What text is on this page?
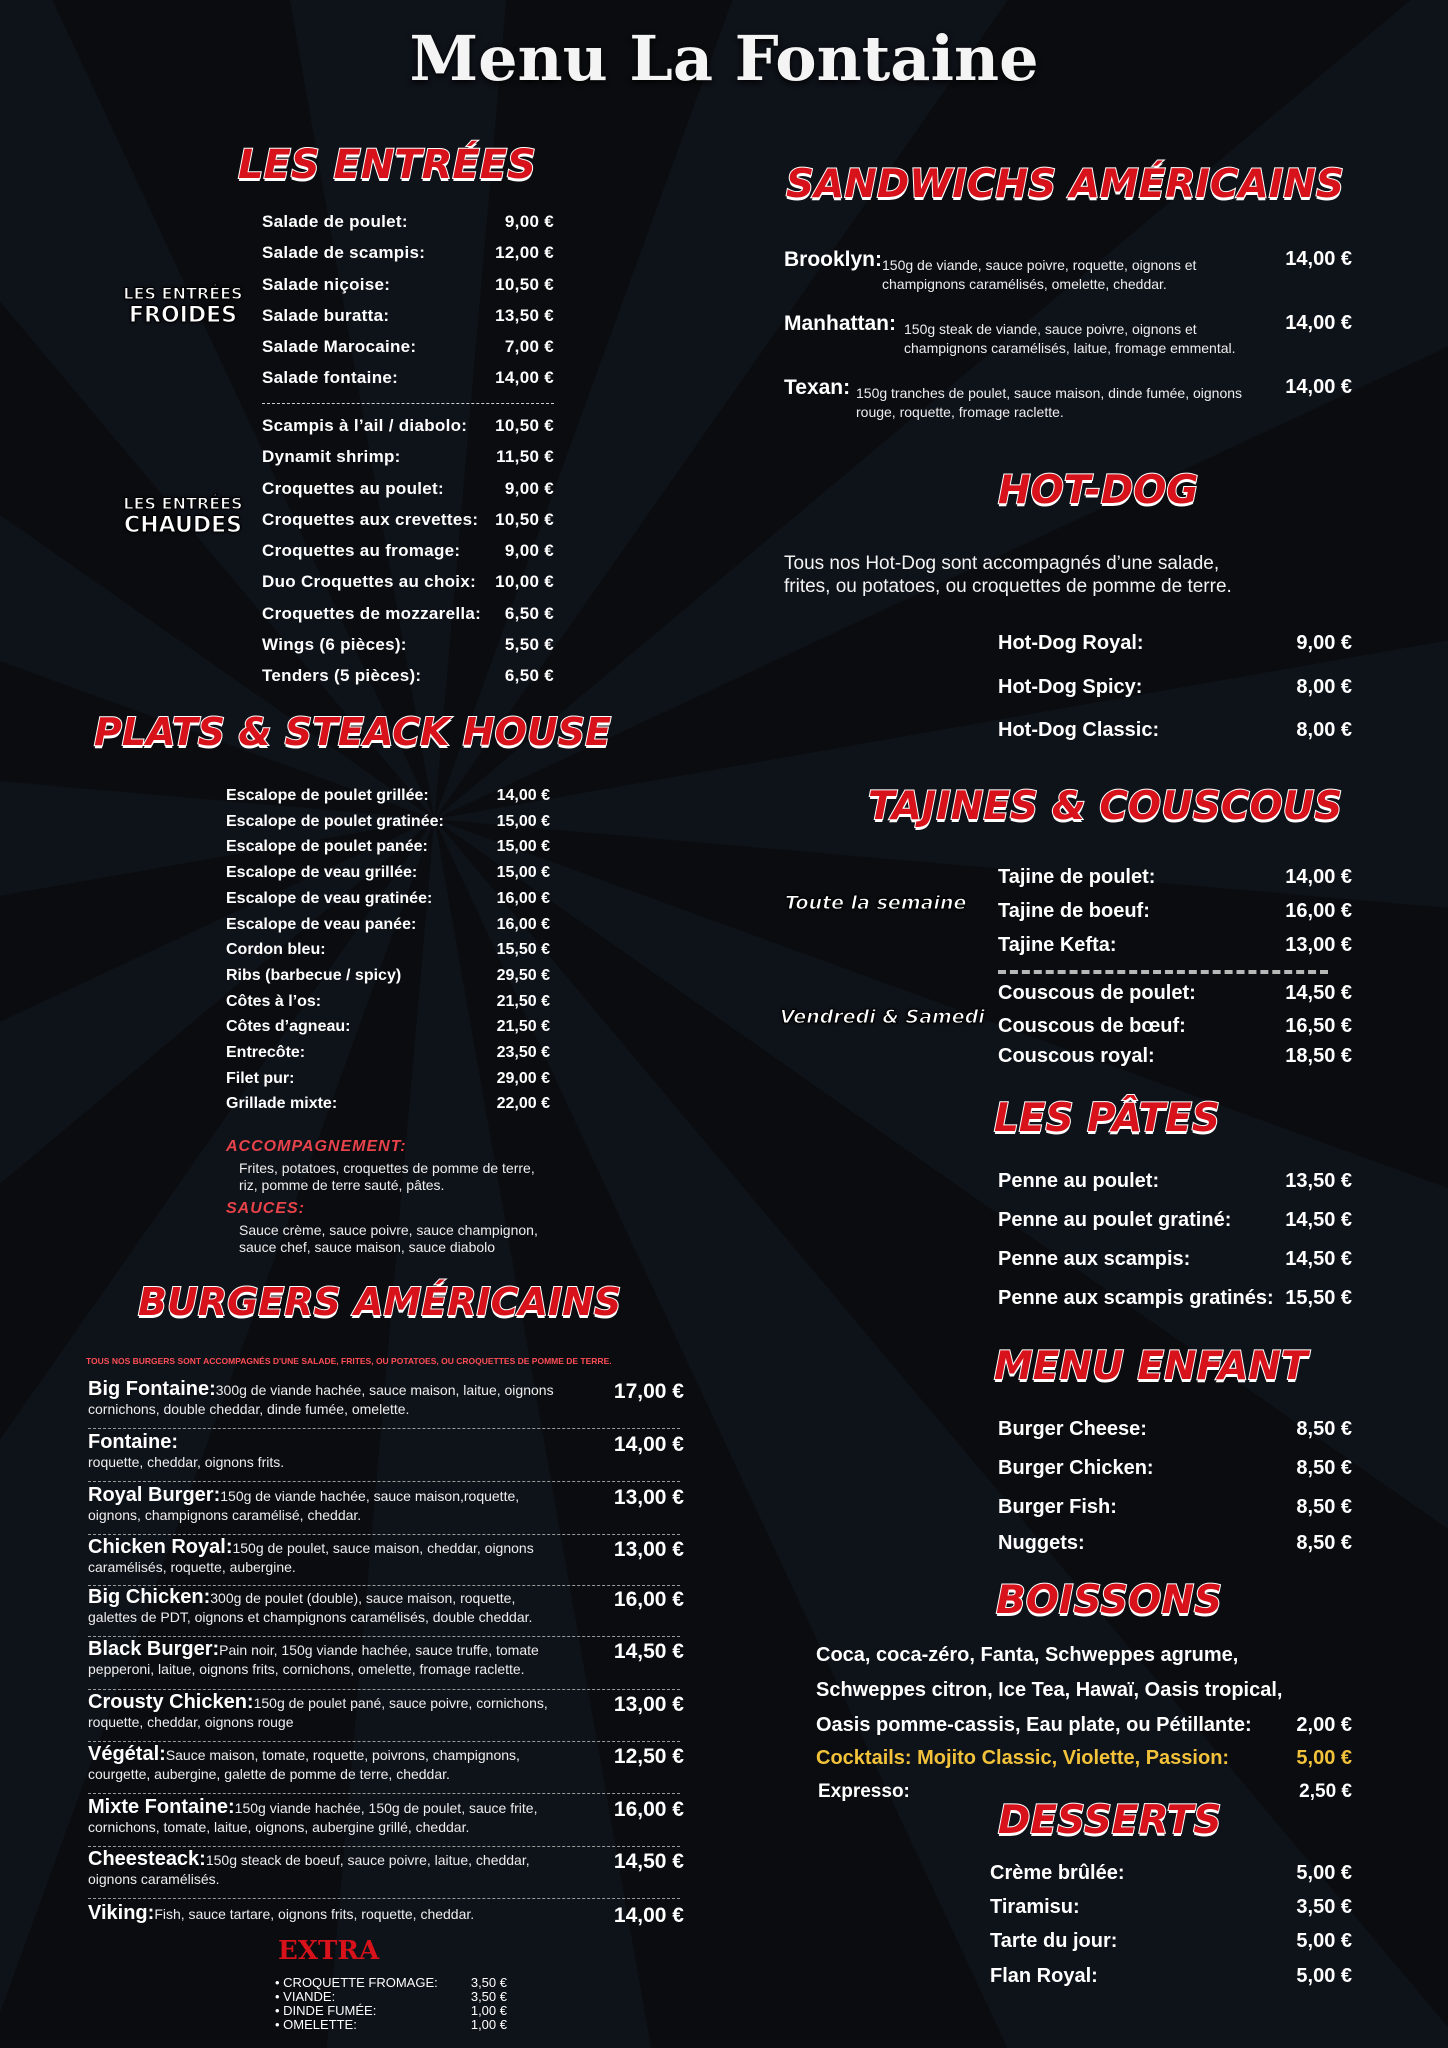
Menu La Fontaine
LES ENTRÉES
LES ENTRÉES
FROIDES
LES ENTRÉES
CHAUDES
Salade de poulet:	9,00 €
Salade de scampis:	12,00 €
Salade niçoise:	10,50 €
Salade buratta:	13,50 €
Salade Marocaine:	7,00 €
Salade fontaine:	14,00 €
Scampis à l’ail / diabolo: 10,50 €
Dynamit shrimp:	11,50 €
Croquettes au poulet:	9,00 €
Croquettes aux crevettes: 10,50 €
Croquettes au fromage:	9,00 €
Duo Croquettes au choix: 10,00 €
Croquettes de mozzarella: 6,50 €
Wings (6 pièces):	5,50 €
Tenders (5 pièces):	6,50 €
PLATS & STEACK HOUSE
Escalope de poulet grillée:	14,00 €
Escalope de poulet gratinée:	15,00 €
Escalope de poulet panée:	15,00 €
Escalope de veau grillée:	15,00 €
Escalope de veau gratinée:	16,00 €
Escalope de veau panée:	16,00 €
Cordon bleu:	15,50 €
Ribs (barbecue / spicy)	29,50 €
Côtes à l’os:	21,50 €
Côtes d’agneau:	21,50 €
Entrecôte:	23,50 €
Filet pur:	29,00 €
Grillade mixte:	22,00 €
ACCOMPAGNEMENT:
Frites, potatoes, croquettes de pomme de terre,
riz, pomme de terre sauté, pâtes.
SAUCES:
Sauce crème, sauce poivre, sauce champignon,
sauce chef, sauce maison, sauce diabolo
BURGERS AMÉRICAINS
TOUS NOS BURGERS SONT ACCOMPAGNÉS D'UNE SALADE, FRITES, OU POTATOES, OU CROQUETTES DE POMME DE TERRE.
Big Fontaine:300g de viande hachée, sauce maison, laitue, oignons
cornichons, double cheddar, dinde fumée, omelette.
17,00 €
Fontaine:
roquette, cheddar, oignons frits.
14,00 €
Royal Burger:150g de viande hachée, sauce maison,roquette,
oignons, champignons caramélisé, cheddar.
13,00 €
Chicken Royal:150g de poulet, sauce maison, cheddar, oignons
caramélisés, roquette, aubergine.
13,00 €
Big Chicken:300g de poulet (double), sauce maison, roquette,
galettes de PDT, oignons et champignons caramélisés, double cheddar.
16,00 €
Black Burger:Pain noir, 150g viande hachée, sauce truffe, tomate
pepperoni, laitue, oignons frits, cornichons, omelette, fromage raclette.
14,50 €
Crousty Chicken:150g de poulet pané, sauce poivre, cornichons,
roquette, cheddar, oignons rouge
13,00 €
Végétal:Sauce maison, tomate, roquette, poivrons, champignons,
courgette, aubergine, galette de pomme de terre, cheddar.
12,50 €
Mixte Fontaine:150g viande hachée, 150g de poulet, sauce frite,
cornichons, tomate, laitue, oignons, aubergine grillé, cheddar.
16,00 €
Cheesteack:150g steack de boeuf, sauce poivre, laitue, cheddar,
oignons caramélisés.
14,50 €
Viking:Fish, sauce tartare, oignons frits, roquette, cheddar.	14,00 €
EXTRA
• CROQUETTE FROMAGE:	3,50 €
• VIANDE:	3,50 €
• DINDE FUMÉE:	1,00 €
• OMELETTE:	1,00 €
SANDWICHS AMÉRICAINS
Brooklyn: 150g de viande, sauce poivre, roquette, oignons et
champignons caramélisés, omelette, cheddar.
14,00 €
Manhattan: 150g steak de viande, sauce poivre, oignons et
champignons caramélisés, laitue, fromage emmental.
14,00 €
Texan: 150g tranches de poulet, sauce maison, dinde fumée, oignons
rouge, roquette, fromage raclette.
14,00 €
HOT-DOG
Tous nos Hot-Dog sont accompagnés d’une salade,
frites, ou potatoes, ou croquettes de pomme de terre.
Hot-Dog Royal:	9,00 €
Hot-Dog Spicy:	8,00 €
Hot-Dog Classic:	8,00 €
TAJINES & COUSCOUS
Toute la semaine
Vendredi & Samedi
Tajine de poulet:	14,00 €
Tajine de boeuf:	16,00 €
Tajine Kefta:	13,00 €
Couscous de poulet:	14,50 €
Couscous de bœuf:	16,50 €
Couscous royal:	18,50 €
LES PÂTES
Penne au poulet:	13,50 €
Penne au poulet gratiné:	14,50 €
Penne aux scampis:	14,50 €
Penne aux scampis gratinés: 15,50 €
MENU ENFANT
Burger Cheese:	8,50 €
Burger Chicken:	8,50 €
Burger Fish:	8,50 €
Nuggets:	8,50 €
BOISSONS
Coca, coca-zéro, Fanta, Schweppes agrume,
Schweppes citron, Ice Tea, Hawaï, Oasis tropical,
Oasis pomme-cassis, Eau plate, ou Pétillante: 2,00 €
Cocktails: Mojito Classic, Violette, Passion:	5,00 €
Expresso:	2,50 €
DESSERTS
Crème brûlée:	5,00 €
Tiramisu:	3,50 €
Tarte du jour:	5,00 €
Flan Royal:	5,00 €
